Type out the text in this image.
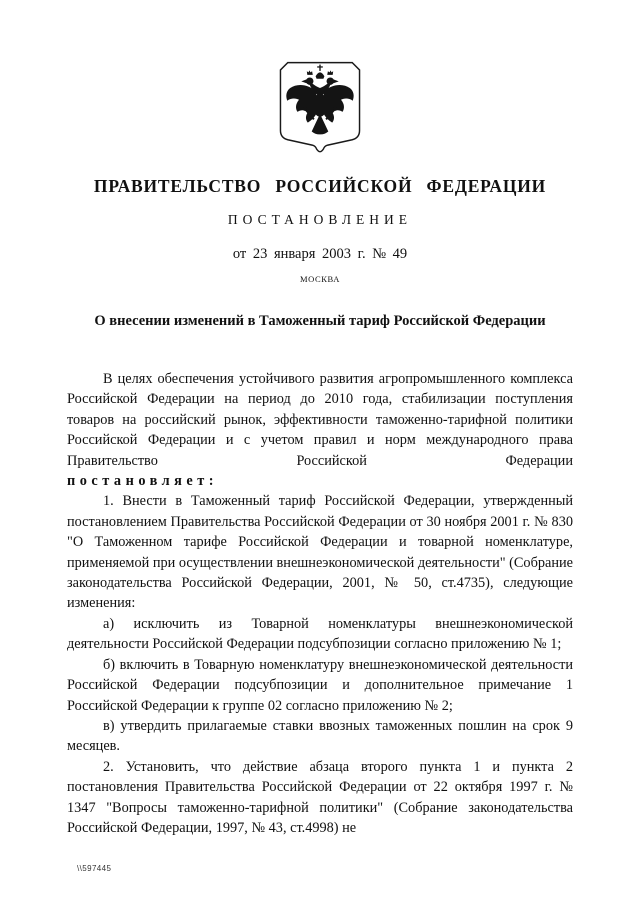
ПРАВИТЕЛЬСТВО РОССИЙСКОЙ ФЕДЕРАЦИИ
ПОСТАНОВЛЕНИЕ
от 23 января 2003 г. № 49
МОСКВА
О внесении изменений в Таможенный тариф Российской Федерации

В целях обеспечения устойчивого развития агропромышленного комплекса Российской Федерации на период до 2010 года, стабилизации поступления товаров на российский рынок, эффективности таможенно-тарифной политики Российской Федерации и с учетом правил и норм международного права Правительство Российской Федерации

постановляет:

1. Внести в Таможенный тариф Российской Федерации, утвержденный постановлением Правительства Российской Федерации от 30 ноября 2001 г. № 830 "О Таможенном тарифе Российской Федерации и товарной номенклатуре, применяемой при осуществлении внешнеэкономической деятельности" (Собрание законодательства Российской Федерации, 2001, № 50, ст.4735), следующие изменения:

а) исключить из Товарной номенклатуры внешнеэкономической деятельности Российской Федерации подсубпозиции согласно приложению № 1;

б) включить в Товарную номенклатуру внешнеэкономической деятельности Российской Федерации подсубпозиции и дополнительное примечание 1 Российской Федерации к группе 02 согласно приложению № 2;

в) утвердить прилагаемые ставки ввозных таможенных пошлин на срок 9 месяцев.

2. Установить, что действие абзаца второго пункта 1 и пункта 2 постановления Правительства Российской Федерации от 22 октября 1997 г. № 1347 "Вопросы таможенно-тарифной политики" (Собрание законодательства Российской Федерации, 1997, № 43, ст.4998) не

\\597445
